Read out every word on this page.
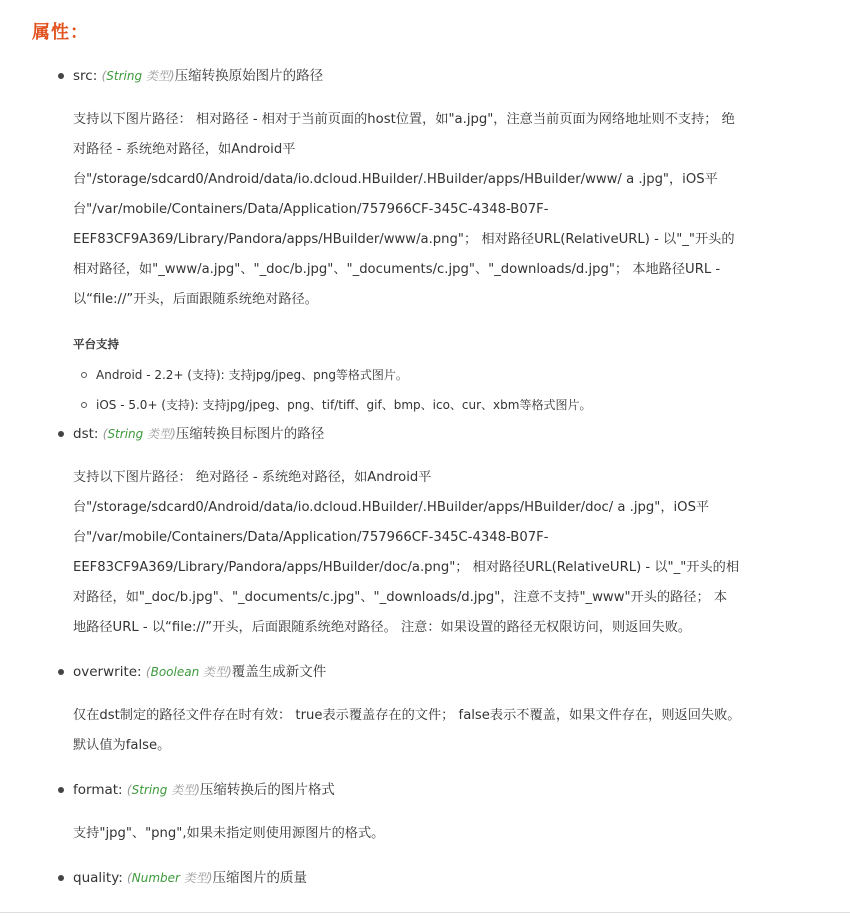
属性：
src: (String 类型)压缩转换原始图片的路径
支持以下图片路径： 相对路径 - 相对于当前页面的host位置，如"a.jpg"，注意当前页面为网络地址则不支持； 绝
对路径 - 系统绝对路径，如Android平
台"/storage/sdcard0/Android/data/io.dcloud.HBuilder/.HBuilder/apps/HBuilder/www/ a .jpg"，iOS平
台"/var/mobile/Containers/Data/Application/757966CF-345C-4348-B07F-
EEF83CF9A369/Library/Pandora/apps/HBuilder/www/a.png"； 相对路径URL(RelativeURL) - 以"_"开头的
相对路径，如"_www/a.jpg"、"_doc/b.jpg"、"_documents/c.jpg"、"_downloads/d.jpg"； 本地路径URL -
以“file://”开头，后面跟随系统绝对路径。
平台支持
Android - 2.2+ (支持): 支持jpg/jpeg、png等格式图片。
iOS - 5.0+ (支持): 支持jpg/jpeg、png、tif/tiff、gif、bmp、ico、cur、xbm等格式图片。
dst: (String 类型)压缩转换目标图片的路径
支持以下图片路径： 绝对路径 - 系统绝对路径，如Android平
台"/storage/sdcard0/Android/data/io.dcloud.HBuilder/.HBuilder/apps/HBuilder/doc/ a .jpg"，iOS平
台"/var/mobile/Containers/Data/Application/757966CF-345C-4348-B07F-
EEF83CF9A369/Library/Pandora/apps/HBuilder/doc/a.png"； 相对路径URL(RelativeURL) - 以"_"开头的相
对路径，如"_doc/b.jpg"、"_documents/c.jpg"、"_downloads/d.jpg"，注意不支持"_www"开头的路径； 本
地路径URL - 以“file://”开头，后面跟随系统绝对路径。 注意：如果设置的路径无权限访问，则返回失败。
overwrite: (Boolean 类型)覆盖生成新文件
仅在dst制定的路径文件存在时有效： true表示覆盖存在的文件； false表示不覆盖，如果文件存在，则返回失败。
默认值为false。
format: (String 类型)压缩转换后的图片格式
支持"jpg"、"png",如果未指定则使用源图片的格式。
quality: (Number 类型)压缩图片的质量
